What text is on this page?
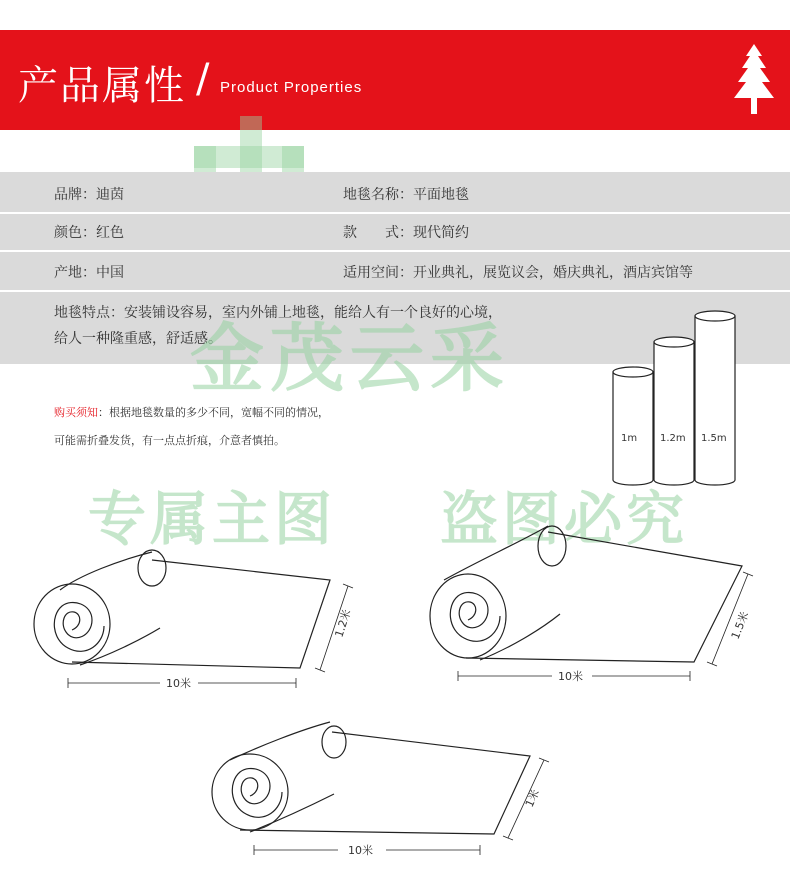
产品属性 / Product Properties
品牌：迪茵	地毯名称：平面地毯
颜色：红色	款　　式：现代简约
产地：中国	适用空间：开业典礼，展览议会，婚庆典礼，酒店宾馆等
地毯特点：安装铺设容易，室内外铺上地毯，能给人有一个良好的心境，
给人一种隆重感，舒适感。
金茂云采
购买须知：根据地毯数量的多少不同，宽幅不同的情况，
可能需折叠发货，有一点点折痕，介意者慎拍。
专属主图 盗图必究
1m 1.2m 1.5m
10米
1.2米
10米
1.5米
10米
1米
